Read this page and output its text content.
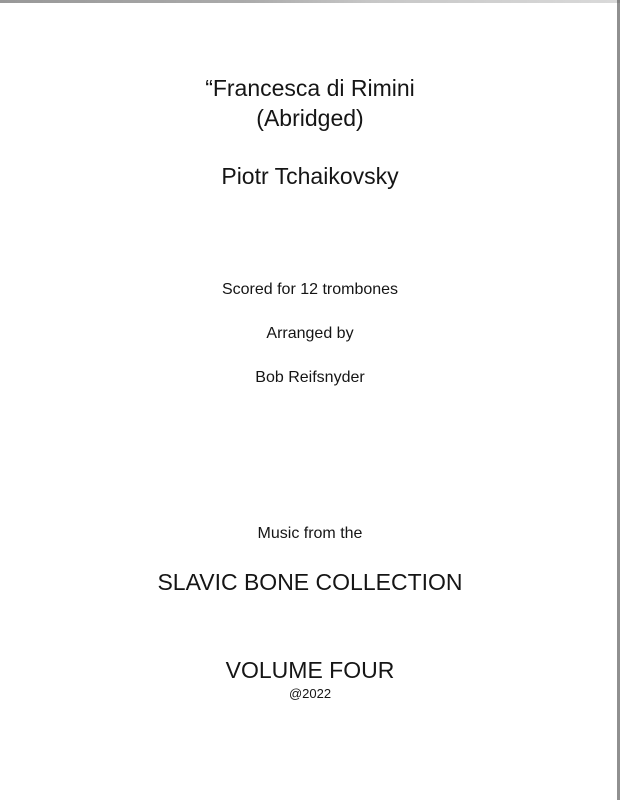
“Francesca di Rimini
(Abridged)
Piotr Tchaikovsky
Scored for 12 trombones
Arranged by
Bob Reifsnyder
Music from the
SLAVIC BONE COLLECTION
VOLUME FOUR
@2022
